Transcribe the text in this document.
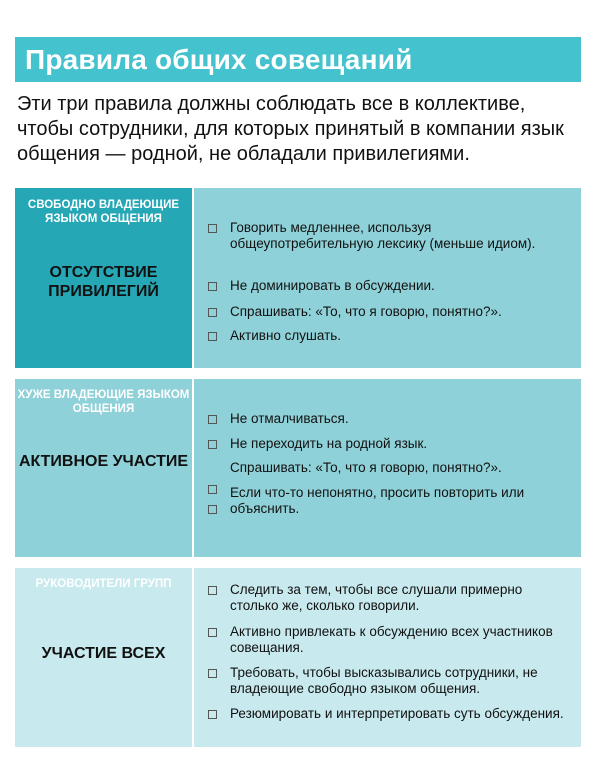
Правила общих совещаний
Эти три правила должны соблюдать все в коллективе, чтобы сотрудники, для которых принятый в компании язык общения — родной, не обладали привилегиями.
СВОБОДНО ВЛАДЕЮЩИЕ ЯЗЫКОМ ОБЩЕНИЯ
ОТСУТСТВИЕ ПРИВИЛЕГИЙ
Говорить медленнее, используя общеупотребительную лексику (меньше идиом).
Не доминировать в обсуждении.
Спрашивать: «То, что я говорю, понятно?».
Активно слушать.
ХУЖЕ ВЛАДЕЮЩИЕ ЯЗЫКОМ ОБЩЕНИЯ
АКТИВНОЕ УЧАСТИЕ
Не отмалчиваться.
Не переходить на родной язык.
Спрашивать: «То, что я говорю, понятно?».
Если что-то непонятно, просить повторить или объяснить.
РУКОВОДИТЕЛИ ГРУПП
УЧАСТИЕ ВСЕХ
Следить за тем, чтобы все слушали примерно столько же, сколько говорили.
Активно привлекать к обсуждению всех участников совещания.
Требовать, чтобы высказывались сотрудники, не владеющие свободно языком общения.
Резюмировать и интерпретировать суть обсуждения.
